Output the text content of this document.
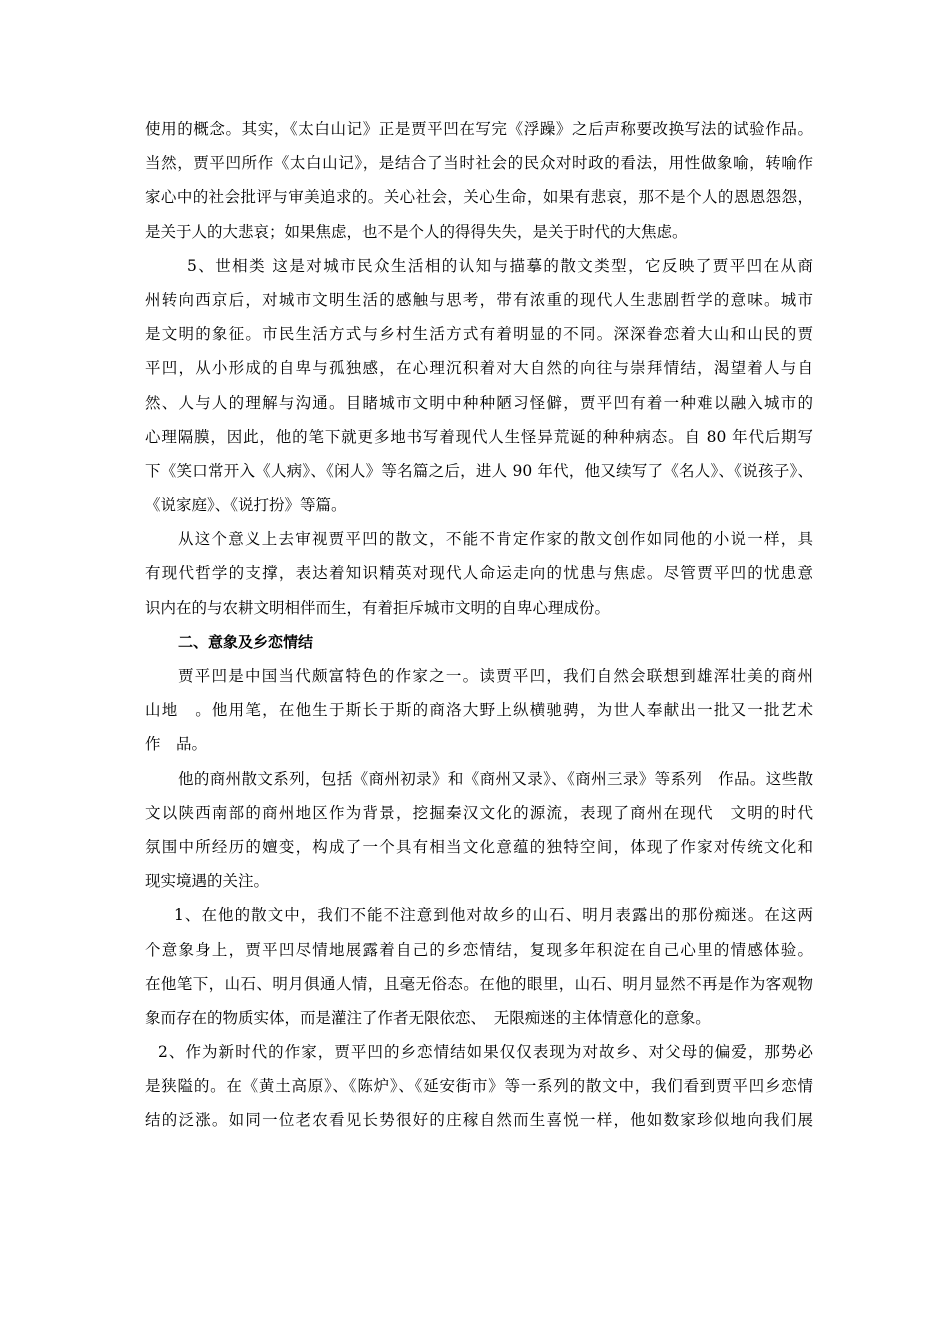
使用的概念。其实，《太白山记》正是贾平凹在写完《浮躁》之后声称要改换写法的试验作品。
当然，贾平凹所作《太白山记》，是结合了当时社会的民众对时政的看法，用性做象喻，转喻作
家心中的社会批评与审美追求的。关心社会，关心生命，如果有悲哀，那不是个人的恩恩怨怨，
是关于人的大悲哀；如果焦虑，也不是个人的得得失失，是关于时代的大焦虑。
5、世相类 这是对城市民众生活相的认知与描摹的散文类型，它反映了贾平凹在从商
州转向西京后，对城市文明生活的感触与思考，带有浓重的现代人生悲剧哲学的意味。城市
是文明的象征。市民生活方式与乡村生活方式有着明显的不同。深深眷恋着大山和山民的贾
平凹，从小形成的自卑与孤独感，在心理沉积着对大自然的向往与崇拜情结，渴望着人与自
然、人与人的理解与沟通。目睹城市文明中种种陋习怪僻，贾平凹有着一种难以融入城市的
心理隔膜，因此，他的笔下就更多地书写着现代人生怪异荒诞的种种病态。自 80 年代后期写
下《笑口常开入《人病》、《闲人》等名篇之后，进人 90 年代，他又续写了《名人》、《说孩子》、
《说家庭》、《说打扮》等篇。
从这个意义上去审视贾平凹的散文，不能不肯定作家的散文创作如同他的小说一样，具
有现代哲学的支撑，表达着知识精英对现代人命运走向的忧患与焦虑。尽管贾平凹的忧患意
识内在的与农耕文明相伴而生，有着拒斥城市文明的自卑心理成份。
二、意象及乡恋情结
贾平凹是中国当代颇富特色的作家之一。读贾平凹，我们自然会联想到雄浑壮美的商州
山地　。他用笔，在他生于斯长于斯的商洛大野上纵横驰骋，为世人奉献出一批又一批艺术
作　品。
他的商州散文系列，包括《商州初录》和《商州又录》、《商州三录》等系列　作品。这些散
文以陕西南部的商州地区作为背景，挖掘秦汉文化的源流，表现了商州在现代　文明的时代
氛围中所经历的嬗变，构成了一个具有相当文化意蕴的独特空间，体现了作家对传统文化和
现实境遇的关注。
1、在他的散文中，我们不能不注意到他对故乡的山石、明月表露出的那份痴迷。在这两
个意象身上，贾平凹尽情地展露着自己的乡恋情结，复现多年积淀在自己心里的情感体验。
在他笔下，山石、明月俱通人情，且毫无俗态。在他的眼里，山石、明月显然不再是作为客观物
象而存在的物质实体，而是灌注了作者无限依恋、　无限痴迷的主体情意化的意象。
2、作为新时代的作家，贾平凹的乡恋情结如果仅仅表现为对故乡、对父母的偏爱，那势必
是狭隘的。在《黄土高原》、《陈炉》、《延安街市》等一系列的散文中，我们看到贾平凹乡恋情
结的泛涨。如同一位老农看见长势很好的庄稼自然而生喜悦一样，他如数家珍似地向我们展
